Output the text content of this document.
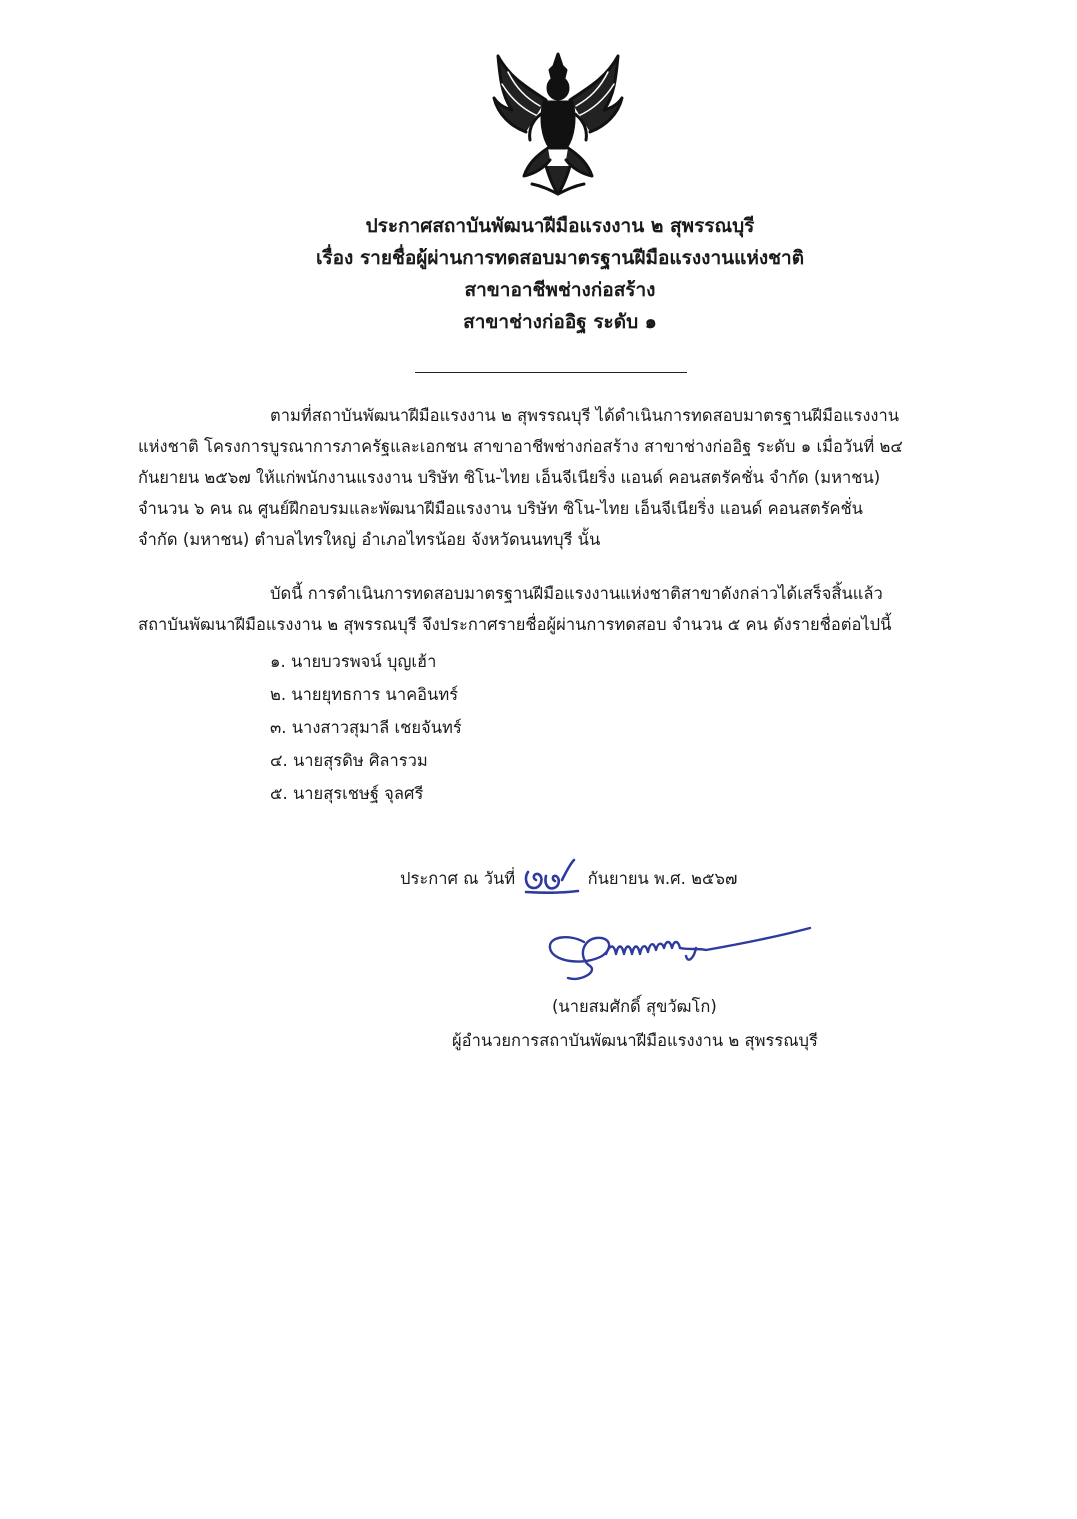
ประกาศสถาบันพัฒนาฝีมือแรงงาน ๒ สุพรรณบุรี
เรื่อง รายชื่อผู้ผ่านการทดสอบมาตรฐานฝีมือแรงงานแห่งชาติ
สาขาอาชีพช่างก่อสร้าง
สาขาช่างก่ออิฐ ระดับ ๑
ตามที่สถาบันพัฒนาฝีมือแรงงาน ๒ สุพรรณบุรี ได้ดำเนินการทดสอบมาตรฐานฝีมือแรงงาน
แห่งชาติ โครงการบูรณาการภาครัฐและเอกชน สาขาอาชีพช่างก่อสร้าง สาขาช่างก่ออิฐ ระดับ ๑ เมื่อวันที่ ๒๔
กันยายน ๒๕๖๗ ให้แก่พนักงานแรงงาน บริษัท ซิโน-ไทย เอ็นจีเนียริ่ง แอนด์ คอนสตรัคชั่น จำกัด (มหาชน)
จำนวน ๖ คน ณ ศูนย์ฝึกอบรมและพัฒนาฝีมือแรงงาน บริษัท ซิโน-ไทย เอ็นจีเนียริ่ง แอนด์ คอนสตรัคชั่น
จำกัด (มหาชน) ตำบลไทรใหญ่ อำเภอไทรน้อย จังหวัดนนทบุรี นั้น
บัดนี้ การดำเนินการทดสอบมาตรฐานฝีมือแรงงานแห่งชาติสาขาดังกล่าวได้เสร็จสิ้นแล้ว
สถาบันพัฒนาฝีมือแรงงาน ๒ สุพรรณบุรี จึงประกาศรายชื่อผู้ผ่านการทดสอบ จำนวน ๕ คน ดังรายชื่อต่อไปนี้
๑. นายบวรพจน์ บุญเฮ้า
๒. นายยุทธการ นาคอินทร์
๓. นางสาวสุมาลี เชยจันทร์
๔. นายสุรดิษ ศิลารวม
๕. นายสุรเชษฐ์ จุลศรี
ประกาศ ณ วันที่	กันยายน พ.ศ. ๒๕๖๗
(นายสมศักดิ์ สุขวัฒโก)
ผู้อำนวยการสถาบันพัฒนาฝีมือแรงงาน ๒ สุพรรณบุรี
